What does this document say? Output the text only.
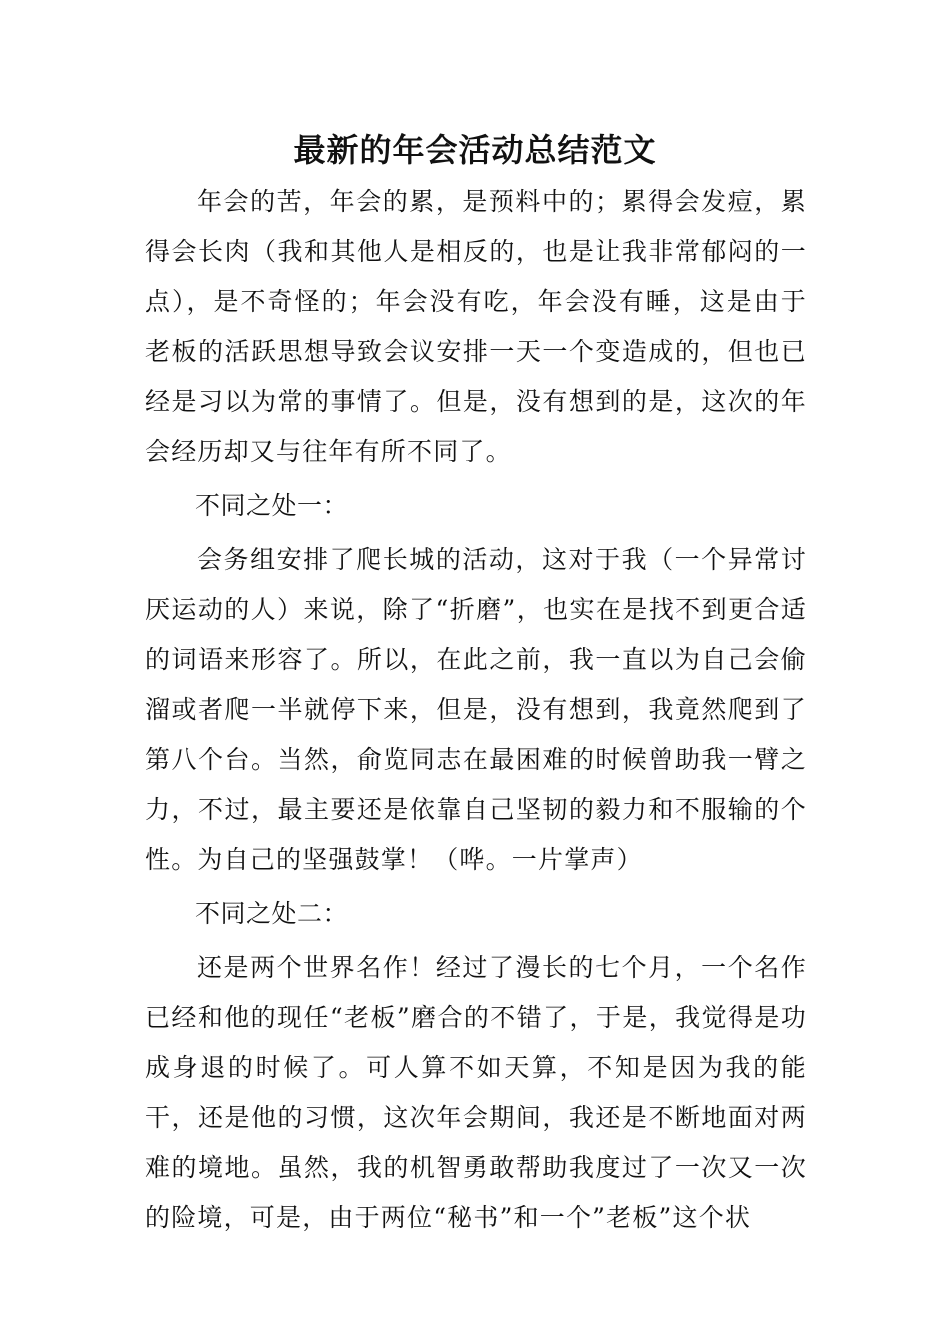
最新的年会活动总结范文

年会的苦，年会的累，是预料中的；累得会发痘，累得会长肉（我和其他人是相反的，也是让我非常郁闷的一点），是不奇怪的；年会没有吃，年会没有睡，这是由于老板的活跃思想导致会议安排一天一个变造成的，但也已经是习以为常的事情了。但是，没有想到的是，这次的年会经历却又与往年有所不同了。

不同之处一：

会务组安排了爬长城的活动，这对于我（一个异常讨厌运动的人）来说，除了“折磨”，也实在是找不到更合适的词语来形容了。所以，在此之前，我一直以为自己会偷溜或者爬一半就停下来，但是，没有想到，我竟然爬到了第八个台。当然，俞览同志在最困难的时候曾助我一臂之力，不过，最主要还是依靠自己坚韧的毅力和不服输的个性。为自己的坚强鼓掌！（哗。一片掌声）

不同之处二：

还是两个世界名作！经过了漫长的七个月，一个名作已经和他的现任“老板”磨合的不错了，于是，我觉得是功成身退的时候了。可人算不如天算，不知是因为我的能干，还是他的习惯，这次年会期间，我还是不断地面对两难的境地。虽然，我的机智勇敢帮助我度过了一次又一次的险境，可是，由于两位“秘书”和一个”老板”这个状
